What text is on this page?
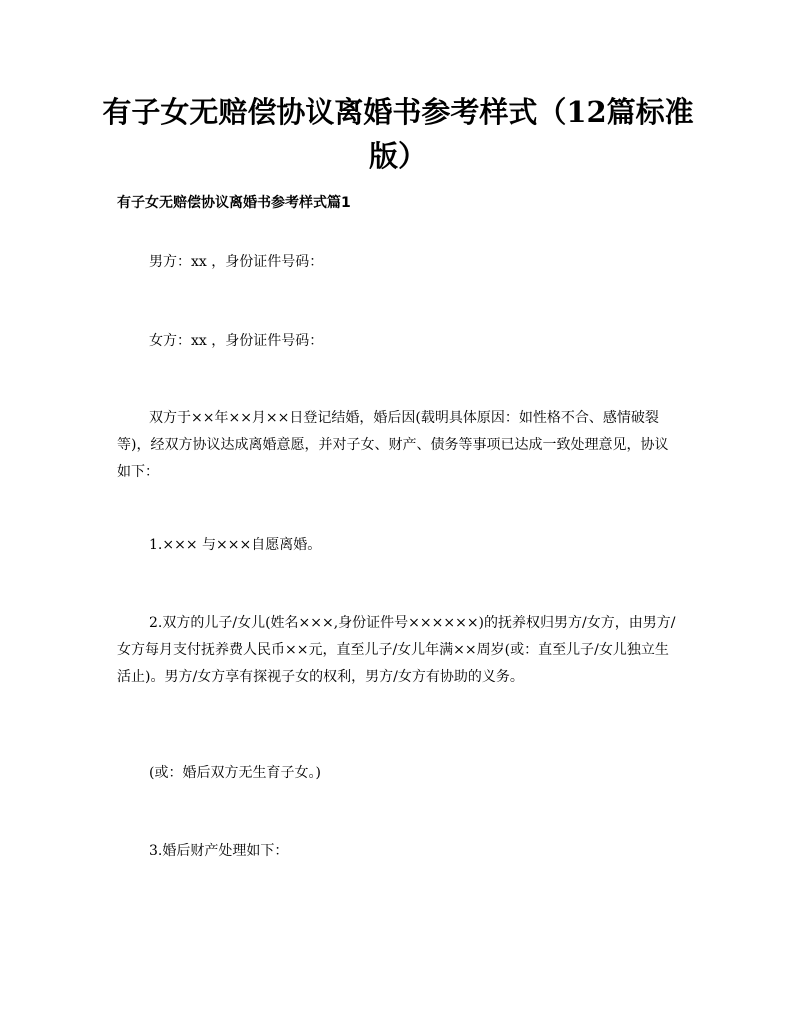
有子女无赔偿协议离婚书参考样式（12篇标准版）
有子女无赔偿协议离婚书参考样式篇1

男方：xx ，身份证件号码：

女方：xx ，身份证件号码：

双方于××年××月××日登记结婚，婚后因(载明具体原因：如性格不合、感情破裂等)，经双方协议达成离婚意愿，并对子女、财产、债务等事项已达成一致处理意见，协议如下：

1.××× 与×××自愿离婚。

2.双方的儿子/女儿(姓名×××,身份证件号××××××)的抚养权归男方/女方，由男方/女方每月支付抚养费人民币××元，直至儿子/女儿年满××周岁(或：直至儿子/女儿独立生活止)。男方/女方享有探视子女的权利，男方/女方有协助的义务。

(或：婚后双方无生育子女。)

3.婚后财产处理如下：
